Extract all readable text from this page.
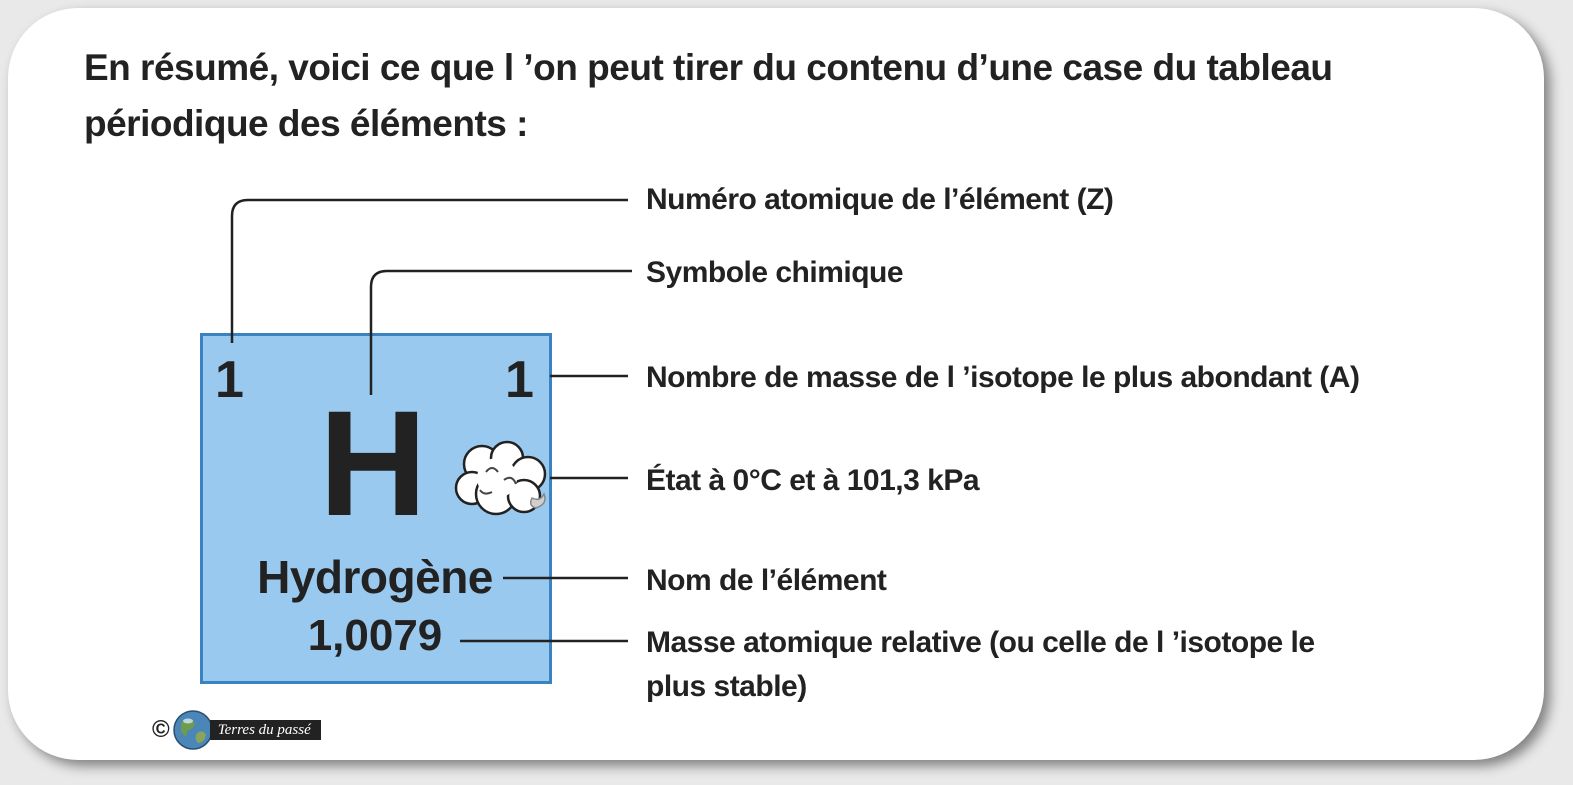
En résumé, voici ce que l ’on peut tirer du contenu d’une case du tableau périodique des éléments :

1	1
H
Hydrogène
1,0079
Numéro atomique de l’élément (Z)
Symbole chimique
Nombre de masse de l ’isotope le plus abondant (A)
État à 0°C et à 101,3 kPa
Nom de l’élément
Masse atomique relative (ou celle de l ’isotope le plus stable)
©	Terres du passé
